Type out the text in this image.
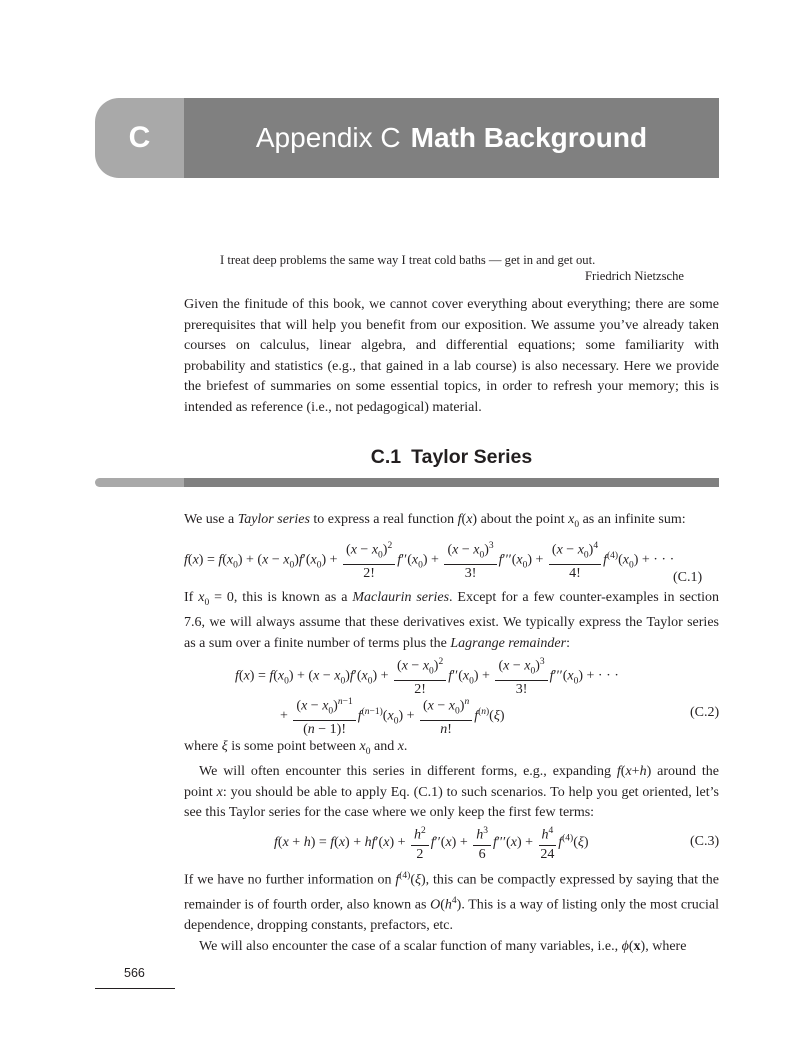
C	Appendix C Math Background
I treat deep problems the same way I treat cold baths — get in and get out.
Friedrich Nietzsche
Given the finitude of this book, we cannot cover everything about everything; there are some prerequisites that will help you benefit from our exposition. We assume you’ve already taken courses on calculus, linear algebra, and differential equations; some familiarity with probability and statistics (e.g., that gained in a lab course) is also necessary. Here we provide the briefest of summaries on some essential topics, in order to refresh your memory; this is intended as reference (i.e., not pedagogical) material.
C.1 Taylor Series

We use a Taylor series to express a real function f(x) about the point $x_0$ as an infinite sum:

$f(x) = f(x_0) + (x - x_0)f'(x_0) + \frac{(x - x_0)^2}{2!} f''(x_0) + \frac{(x - x_0)^3}{3!} f'''(x_0) + \frac{(x - x_0)^4}{4!} f^{(4)}(x_0)$ + · · ·
(C.1)

If $x_0 = 0$, this is known as a Maclaurin series. Except for a few counter-examples in section 7.6, we will always assume that these derivatives exist. We typically express the Taylor series as a sum over a finite number of terms plus the Lagrange remainder:

$f(x) = f(x_0) + (x - x_0)f'(x_0) + \frac{(x - x_0)^2}{2!} f''(x_0) + \frac{(x - x_0)^3}{3!} f'''(x_0)$ + · · ·
+ $\frac{(x - x_0)^{n-1}}{(n - 1)!} f^{(n-1)}(x_0) + \frac{(x - x_0)^n}{n!} f^{(n)}(\xi)$	(C.2)

where ξ is some point between $x_0$ and x.

We will often encounter this series in different forms, e.g., expanding f(x+h) around the point x: you should be able to apply Eq. (C.1) to such scenarios. To help you get oriented, let’s see this Taylor series for the case where we only keep the first few terms:

$f(x + h) = f(x) + hf'(x) + \frac{h^2}{2} f''(x) + \frac{h^3}{6} f'''(x) + \frac{h^4}{24} f^{(4)}(\xi)$	(C.3)

If we have no further information on $f^{(4)}(\xi)$, this can be compactly expressed by saying that the remainder is of fourth order, also known as $O(h^4)$. This is a way of listing only the most crucial dependence, dropping constants, prefactors, etc.

We will also encounter the case of a scalar function of many variables, i.e., ϕ(x), where

566
